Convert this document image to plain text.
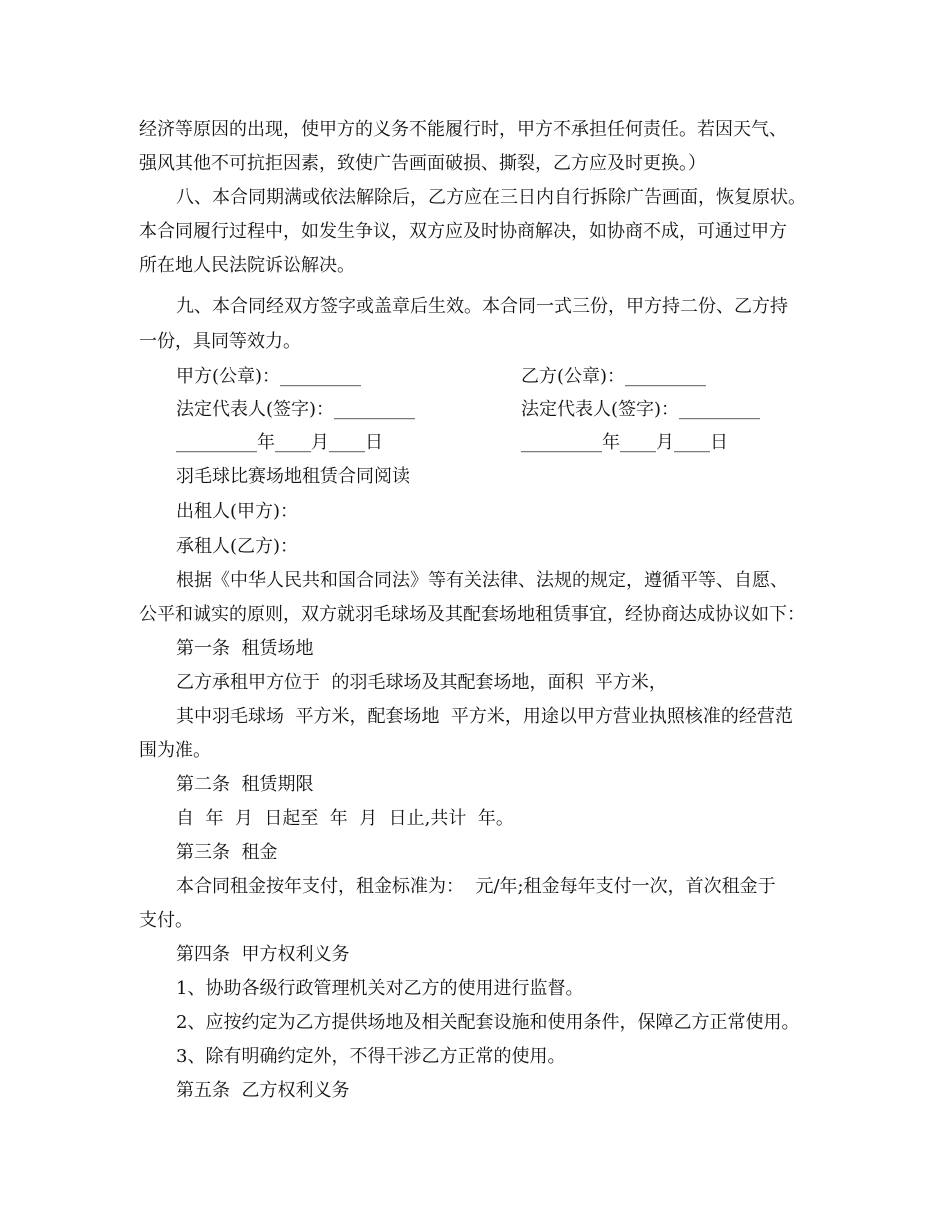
经济等原因的出现，使甲方的义务不能履行时，甲方不承担任何责任。若因天气、
强风其他不可抗拒因素，致使广告画面破损、撕裂，乙方应及时更换。）
八、本合同期满或依法解除后，乙方应在三日内自行拆除广告画面，恢复原状。
本合同履行过程中，如发生争议，双方应及时协商解决，如协商不成，可通过甲方
所在地人民法院诉讼解决。
九、本合同经双方签字或盖章后生效。本合同一式三份，甲方持二份、乙方持
一份，具同等效力。
甲方(公章)：_________	乙方(公章)：_________
法定代表人(签字)：_________	法定代表人(签字)：_________
_________年____月____日	_________年____月____日
羽毛球比赛场地租赁合同阅读
出租人(甲方)：
承租人(乙方)：
根据《中华人民共和国合同法》等有关法律、法规的规定，遵循平等、自愿、
公平和诚实的原则，双方就羽毛球场及其配套场地租赁事宜，经协商达成协议如下：
第一条  租赁场地
乙方承租甲方位于  的羽毛球场及其配套场地，面积  平方米，
其中羽毛球场  平方米，配套场地  平方米，用途以甲方营业执照核准的经营范
围为准。
第二条  租赁期限
自  年  月  日起至  年  月  日止,共计  年。
第三条  租金
本合同租金按年支付，租金标准为：  元/年;租金每年支付一次，首次租金于
支付。
第四条  甲方权利义务
1、协助各级行政管理机关对乙方的使用进行监督。
2、应按约定为乙方提供场地及相关配套设施和使用条件，保障乙方正常使用。
3、除有明确约定外，不得干涉乙方正常的使用。
第五条  乙方权利义务
